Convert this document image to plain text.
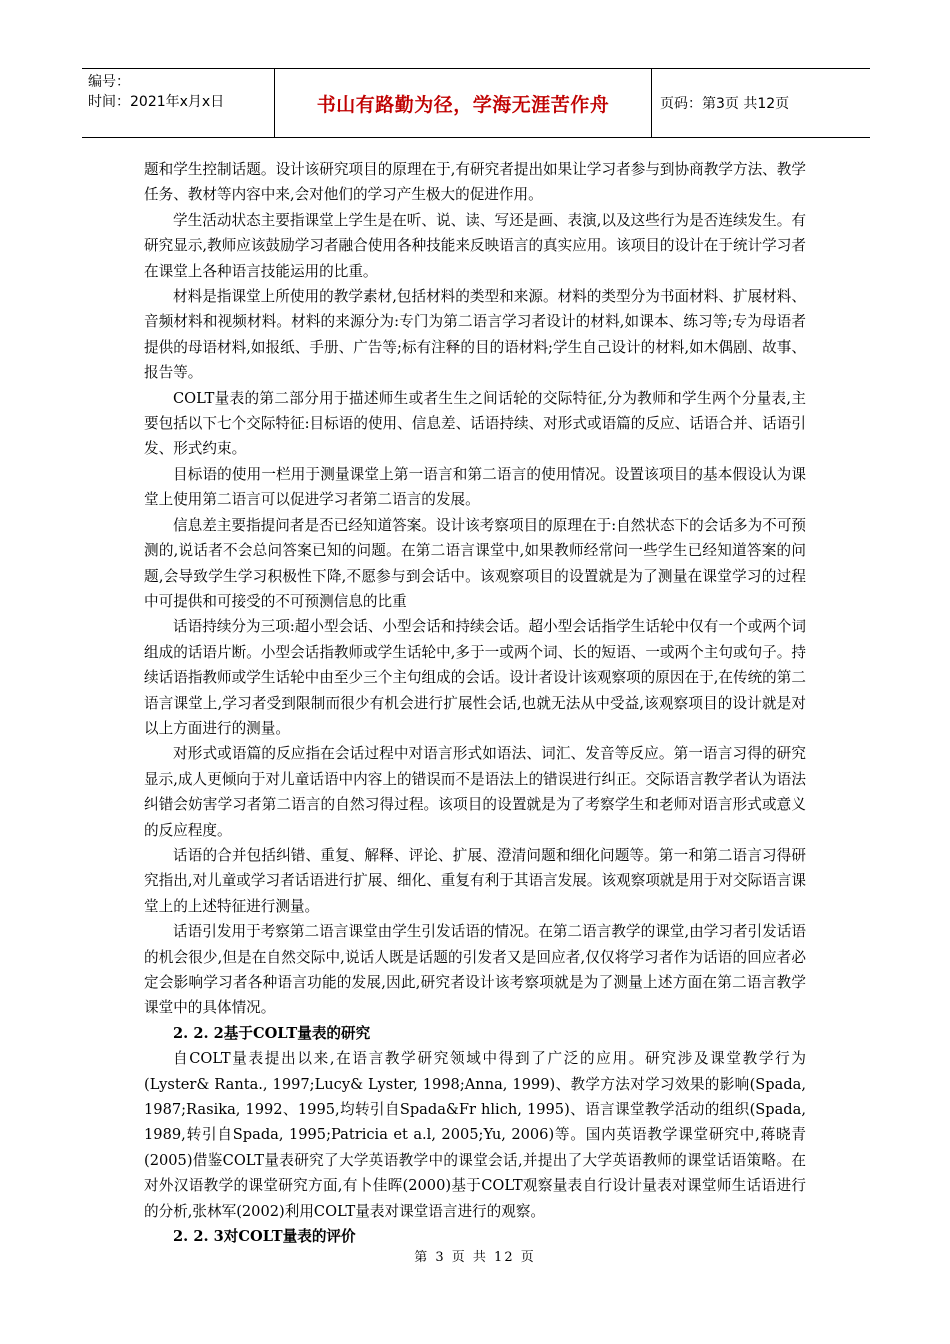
编号：
时间：2021年x月x日	书山有路勤为径，学海无涯苦作舟	页码：第3页 共12页

题和学生控制话题。设计该研究项目的原理在于,有研究者提出如果让学习者参与到协商教学方法、教学任务、教材等内容中来,会对他们的学习产生极大的促进作用。

学生活动状态主要指课堂上学生是在听、说、读、写还是画、表演,以及这些行为是否连续发生。有研究显示,教师应该鼓励学习者融合使用各种技能来反映语言的真实应用。该项目的设计在于统计学习者在课堂上各种语言技能运用的比重。

材料是指课堂上所使用的教学素材,包括材料的类型和来源。材料的类型分为书面材料、扩展材料、音频材料和视频材料。材料的来源分为:专门为第二语言学习者设计的材料,如课本、练习等;专为母语者提供的母语材料,如报纸、手册、广告等;标有注释的目的语材料;学生自己设计的材料,如木偶剧、故事、报告等。

COLT量表的第二部分用于描述师生或者生生之间话轮的交际特征,分为教师和学生两个分量表,主要包括以下七个交际特征:目标语的使用、信息差、话语持续、对形式或语篇的反应、话语合并、话语引发、形式约束。

目标语的使用一栏用于测量课堂上第一语言和第二语言的使用情况。设置该项目的基本假设认为课堂上使用第二语言可以促进学习者第二语言的发展。

信息差主要指提问者是否已经知道答案。设计该考察项目的原理在于:自然状态下的会话多为不可预测的,说话者不会总问答案已知的问题。在第二语言课堂中,如果教师经常问一些学生已经知道答案的问题,会导致学生学习积极性下降,不愿参与到会话中。该观察项目的设置就是为了测量在课堂学习的过程中可提供和可接受的不可预测信息的比重

话语持续分为三项:超小型会话、小型会话和持续会话。超小型会话指学生话轮中仅有一个或两个词组成的话语片断。小型会话指教师或学生话轮中,多于一或两个词、长的短语、一或两个主句或句子。持续话语指教师或学生话轮中由至少三个主句组成的会话。设计者设计该观察项的原因在于,在传统的第二语言课堂上,学习者受到限制而很少有机会进行扩展性会话,也就无法从中受益,该观察项目的设计就是对以上方面进行的测量。

对形式或语篇的反应指在会话过程中对语言形式如语法、词汇、发音等反应。第一语言习得的研究显示,成人更倾向于对儿童话语中内容上的错误而不是语法上的错误进行纠正。交际语言教学者认为语法纠错会妨害学习者第二语言的自然习得过程。该项目的设置就是为了考察学生和老师对语言形式或意义的反应程度。

话语的合并包括纠错、重复、解释、评论、扩展、澄清问题和细化问题等。第一和第二语言习得研究指出,对儿童或学习者话语进行扩展、细化、重复有利于其语言发展。该观察项就是用于对交际语言课堂上的上述特征进行测量。

话语引发用于考察第二语言课堂由学生引发话语的情况。在第二语言教学的课堂,由学习者引发话语的机会很少,但是在自然交际中,说话人既是话题的引发者又是回应者,仅仅将学习者作为话语的回应者必定会影响学习者各种语言功能的发展,因此,研究者设计该考察项就是为了测量上述方面在第二语言教学课堂中的具体情况。

2. 2. 2基于COLT量表的研究

自COLT量表提出以来,在语言教学研究领域中得到了广泛的应用。研究涉及课堂教学行为(Lyster& Ranta., 1997;Lucy& Lyster, 1998;Anna, 1999)、教学方法对学习效果的影响(Spada, 1987;Rasika, 1992、1995,均转引自Spada&Fr hlich, 1995)、语言课堂教学活动的组织(Spada, 1989,转引自Spada, 1995;Patricia et a.l, 2005;Yu, 2006)等。国内英语教学课堂研究中,蒋晓青(2005)借鉴COLT量表研究了大学英语教学中的课堂会话,并提出了大学英语教师的课堂话语策略。在对外汉语教学的课堂研究方面,有卜佳晖(2000)基于COLT观察量表自行设计量表对课堂师生话语进行的分析,张林军(2002)利用COLT量表对课堂语言进行的观察。

2. 2. 3对COLT量表的评价
第 3 页 共 12 页
